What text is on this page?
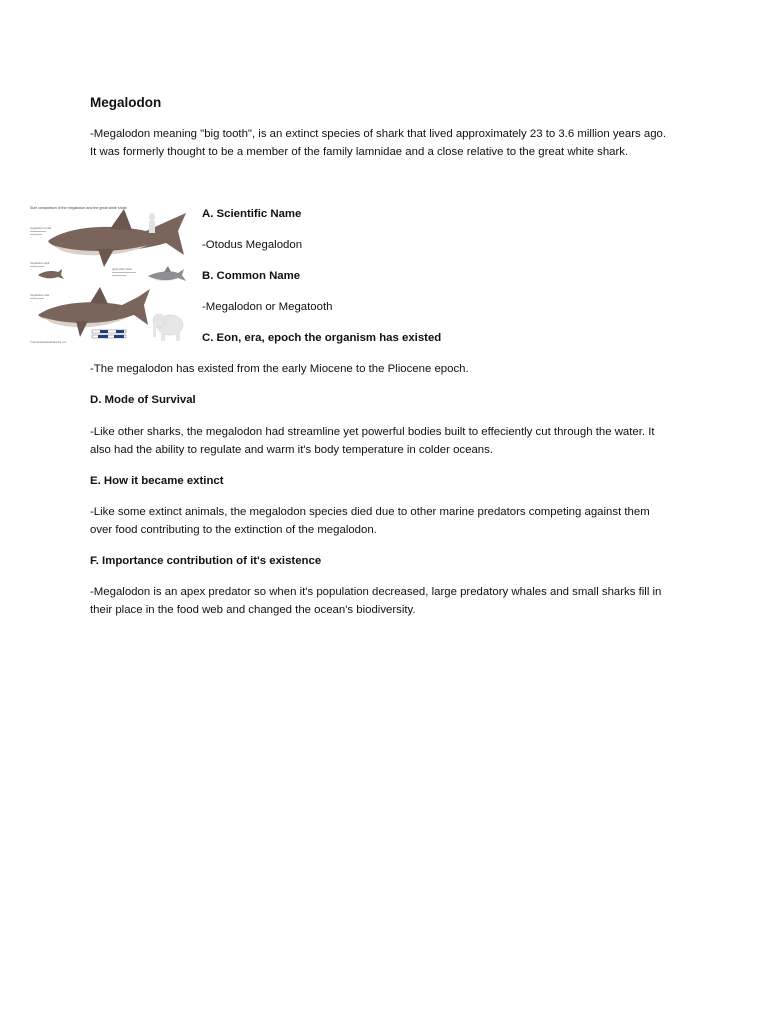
Megalodon
-Megalodon meaning "big tooth", is an extinct species of shark that lived approximately 23 to 3.6 million years ago.
It was formerly thought to be a member of the family lamnidae and a close relative to the great white shark.
Size comparison of the megalodon and the great white shark
megalodon female
megalodon adult
great white shark
megalodon male
© Encyclopædia Britannica, Inc.
A. Scientific Name
-Otodus Megalodon
B. Common Name
-Megalodon or Megatooth
C. Eon, era, epoch the organism has existed
-The megalodon has existed from the early Miocene to the Pliocene epoch.
D. Mode of Survival
-Like other sharks, the megalodon had streamline yet powerful bodies built to effeciently cut through the water. It
also had the ability to regulate and warm it's body temperature in colder oceans.
E. How it became extinct
-Like some extinct animals, the megalodon species died due to other marine predators competing against them
over food contributing to the extinction of the megalodon.
F. Importance contribution of it's existence
-Megalodon is an apex predator so when it's population decreased, large predatory whales and small sharks fill in
their place in the food web and changed the ocean's biodiversity.
